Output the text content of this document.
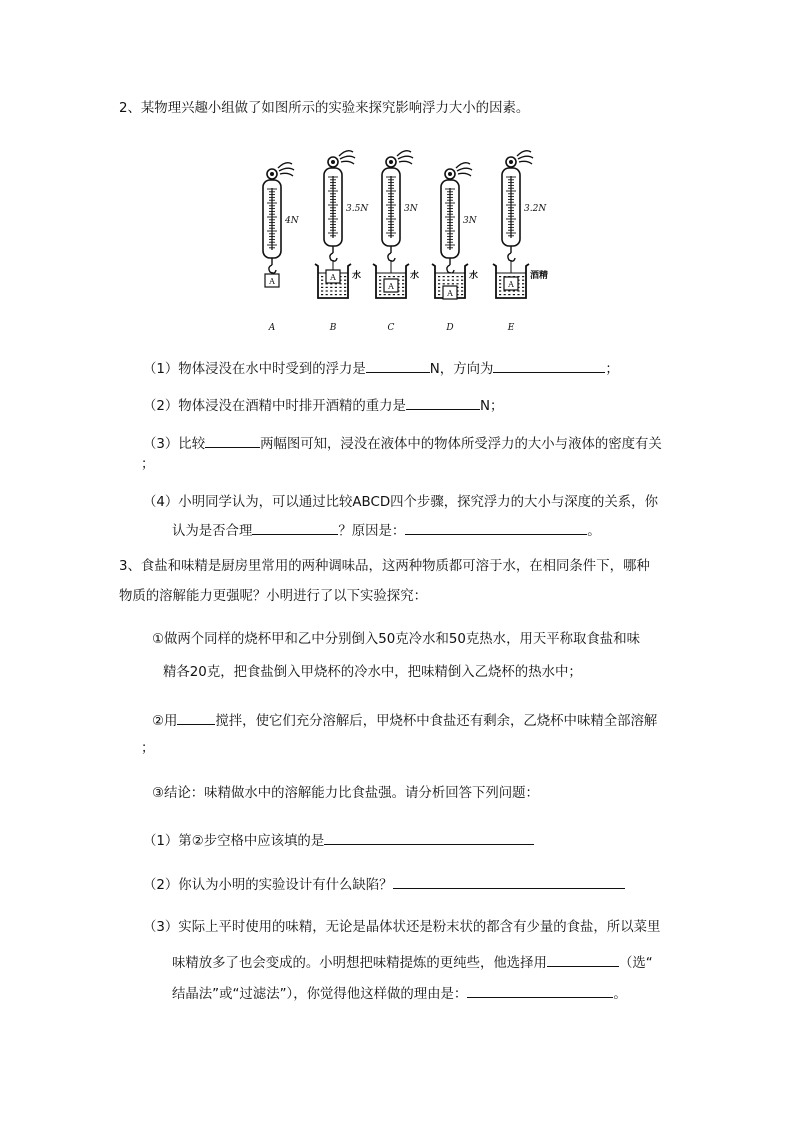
2、某物理兴趣小组做了如图所示的实验来探究影响浮力大小的因素。
4N
A
A
3.5N
水
A
B
3N
水
A
C
3N
水
A
D
3.2N
酒精
A
E
（1）物体浸没在水中时受到的浮力是	N，方向为	；
（2）物体浸没在酒精中时排开酒精的重力是	N；
（3）比较	两幅图可知，浸没在液体中的物体所受浮力的大小与液体的密度有关
；
（4）小明同学认为，可以通过比较ABCD四个步骤，探究浮力的大小与深度的关系，你
认为是否合理	？原因是：	。
3、食盐和味精是厨房里常用的两种调味品，这两种物质都可溶于水，在相同条件下，哪种
物质的溶解能力更强呢？小明进行了以下实验探究：
①做两个同样的烧杯甲和乙中分别倒入50克冷水和50克热水，用天平称取食盐和味
精各20克，把食盐倒入甲烧杯的冷水中，把味精倒入乙烧杯的热水中；
②用	搅拌，使它们充分溶解后，甲烧杯中食盐还有剩余，乙烧杯中味精全部溶解
；
③结论：味精做水中的溶解能力比食盐强。请分析回答下列问题：
（1）第②步空格中应该填的是
（2）你认为小明的实验设计有什么缺陷？
（3）实际上平时使用的味精，无论是晶体状还是粉末状的都含有少量的食盐，所以菜里
味精放多了也会变成的。小明想把味精提炼的更纯些，他选择用	（选“
结晶法”或“过滤法”），你觉得他这样做的理由是：	。
